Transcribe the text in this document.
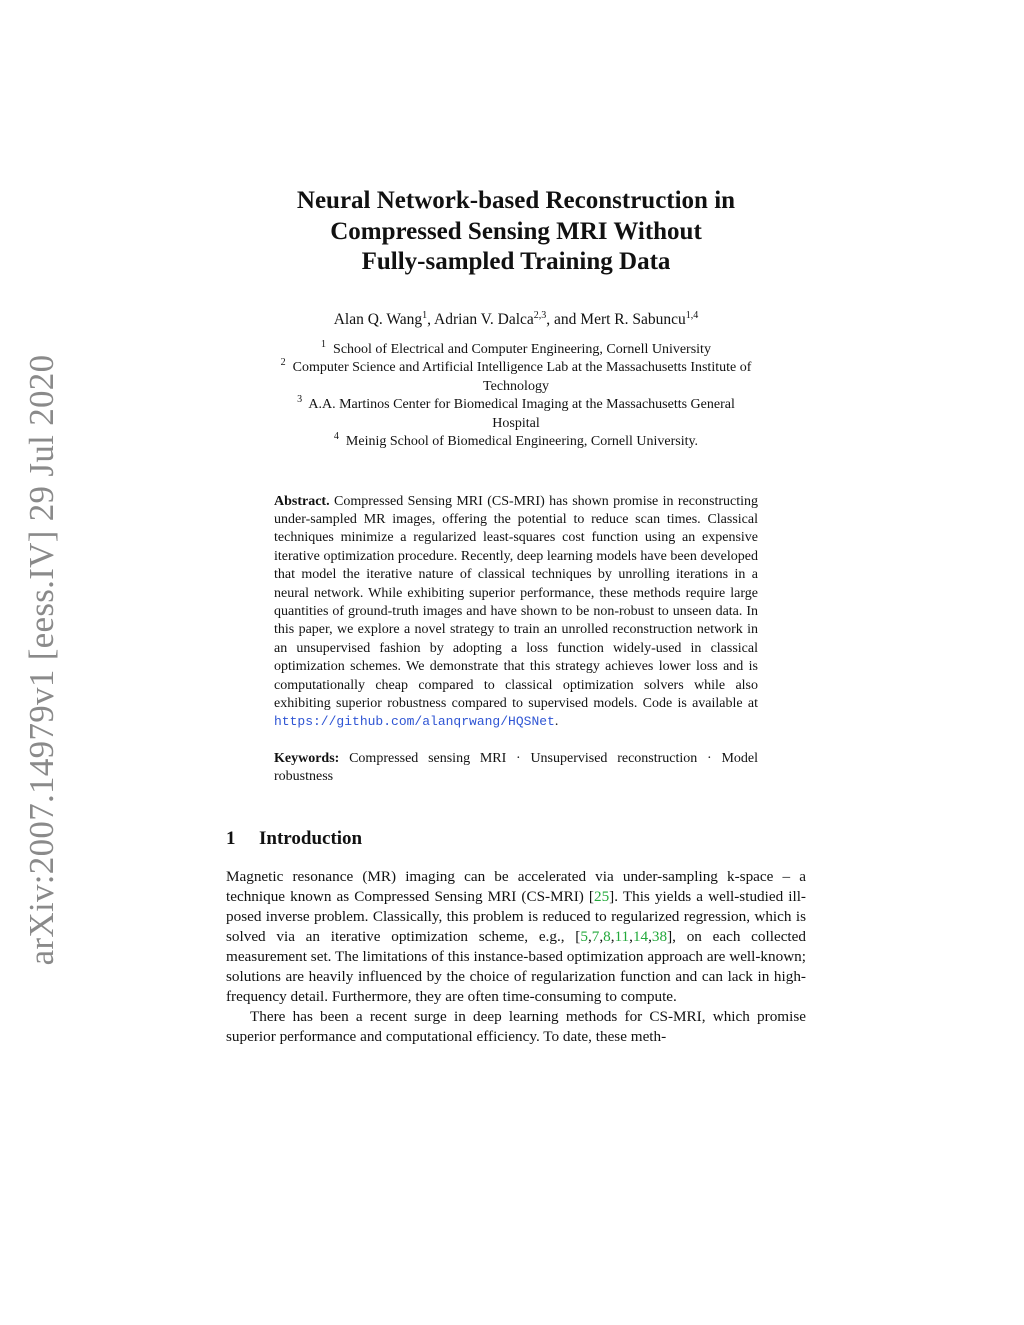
arXiv:2007.14979v1 [eess.IV] 29 Jul 2020
Neural Network-based Reconstruction in
Compressed Sensing MRI Without
Fully-sampled Training Data
Alan Q. Wang$^1$, Adrian V. Dalca$^{2,3}$, and Mert R. Sabuncu$^{1,4}$
$^1$ School of Electrical and Computer Engineering, Cornell University
$^2$ Computer Science and Artificial Intelligence Lab at the Massachusetts Institute of
Technology
$^3$ A.A. Martinos Center for Biomedical Imaging at the Massachusetts General
Hospital
$^4$ Meinig School of Biomedical Engineering, Cornell University.
Abstract. Compressed Sensing MRI (CS-MRI) has shown promise in reconstructing under-sampled MR images, offering the potential to reduce scan times. Classical techniques minimize a regularized least-squares cost function using an expensive iterative optimization procedure. Recently, deep learning models have been developed that model the iterative nature of classical techniques by unrolling iterations in a neural network. While exhibiting superior performance, these methods require large quantities of ground-truth images and have shown to be non-robust to unseen data. In this paper, we explore a novel strategy to train an unrolled reconstruction network in an unsupervised fashion by adopting a loss function widely-used in classical optimization schemes. We demonstrate that this strategy achieves lower loss and is computationally cheap compared to classical optimization solvers while also exhibiting superior robustness compared to supervised models. Code is available at https://github.com/alanqrwang/HQSNet.
Keywords: Compressed sensing MRI · Unsupervised reconstruction · Model robustness
1 Introduction

Magnetic resonance (MR) imaging can be accelerated via under-sampling k-space – a technique known as Compressed Sensing MRI (CS-MRI) [25]. This yields a well-studied ill-posed inverse problem. Classically, this problem is reduced to regularized regression, which is solved via an iterative optimization scheme, e.g., [5,7,8,11,14,38], on each collected measurement set. The limitations of this instance-based optimization approach are well-known; solutions are heavily influenced by the choice of regularization function and can lack in high-frequency detail. Furthermore, they are often time-consuming to compute.

There has been a recent surge in deep learning methods for CS-MRI, which promise superior performance and computational efficiency. To date, these meth-
